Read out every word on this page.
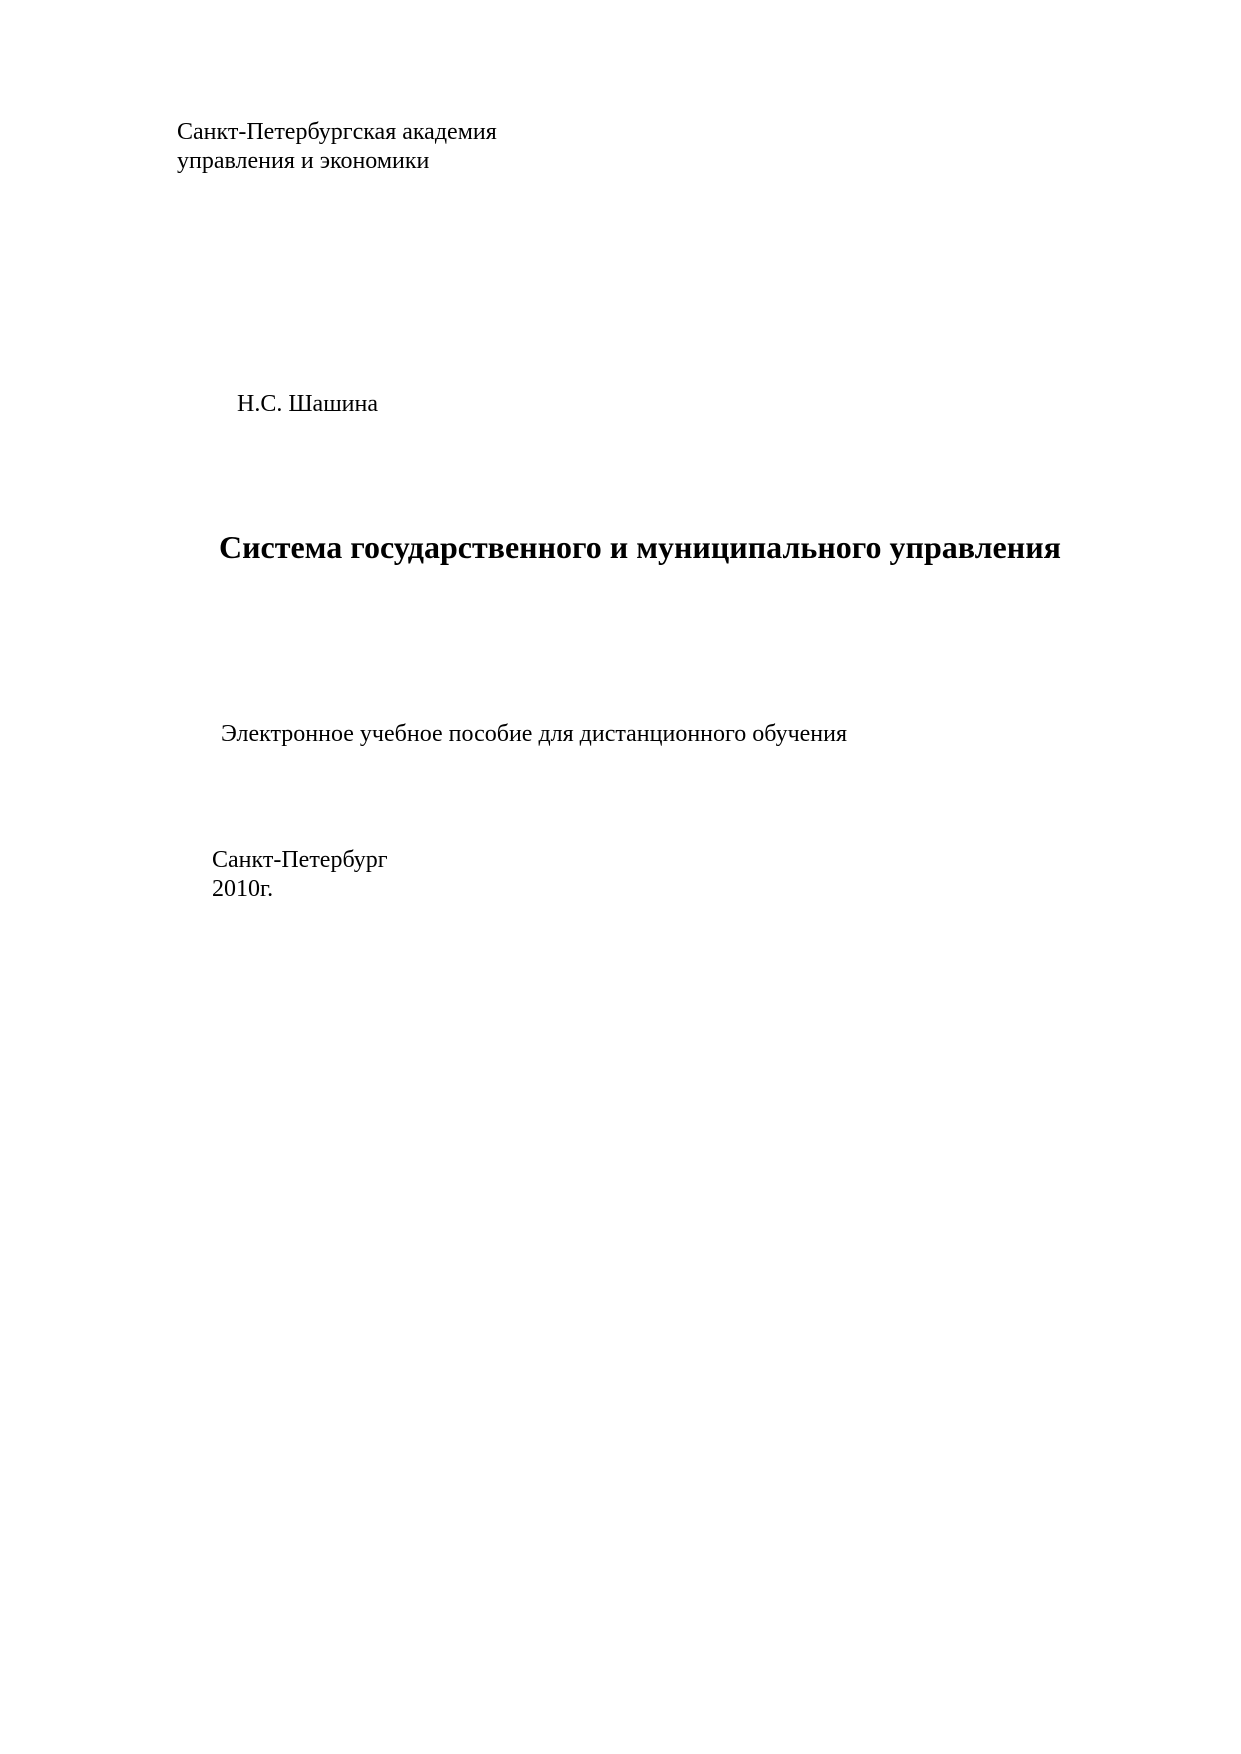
Санкт-Петербургская академия
управления и экономики
Н.С. Шашина
Система государственного и муниципального управления
Электронное учебное пособие для дистанционного обучения
Санкт-Петербург
2010г.
